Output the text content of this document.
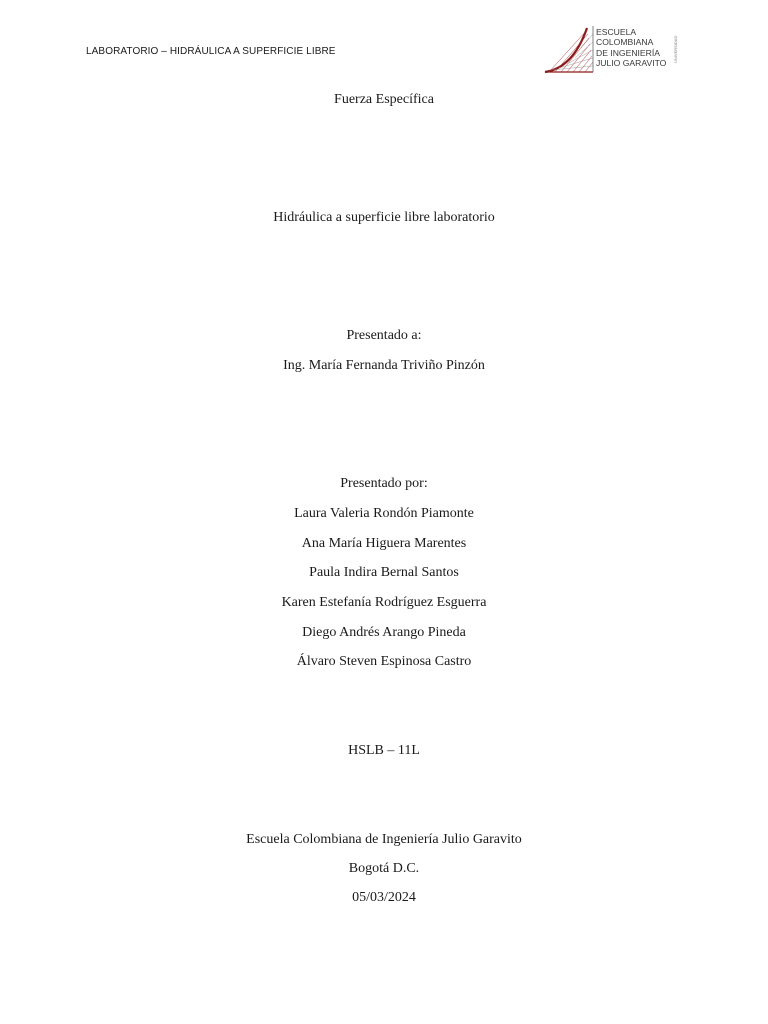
LABORATORIO – HIDRÁULICA A SUPERFICIE LIBRE
ESCUELA
COLOMBIANA
DE INGENIERÍA
JULIO GARAVITO
UNIVERSIDAD
Fuerza Específica
Hidráulica a superficie libre laboratorio
Presentado a:
Ing. María Fernanda Triviño Pinzón
Presentado por:
Laura Valeria Rondón Piamonte
Ana María Higuera Marentes
Paula Indira Bernal Santos
Karen Estefanía Rodríguez Esguerra
Diego Andrés Arango Pineda
Álvaro Steven Espinosa Castro
HSLB – 11L
Escuela Colombiana de Ingeniería Julio Garavito
Bogotá D.C.
05/03/2024
